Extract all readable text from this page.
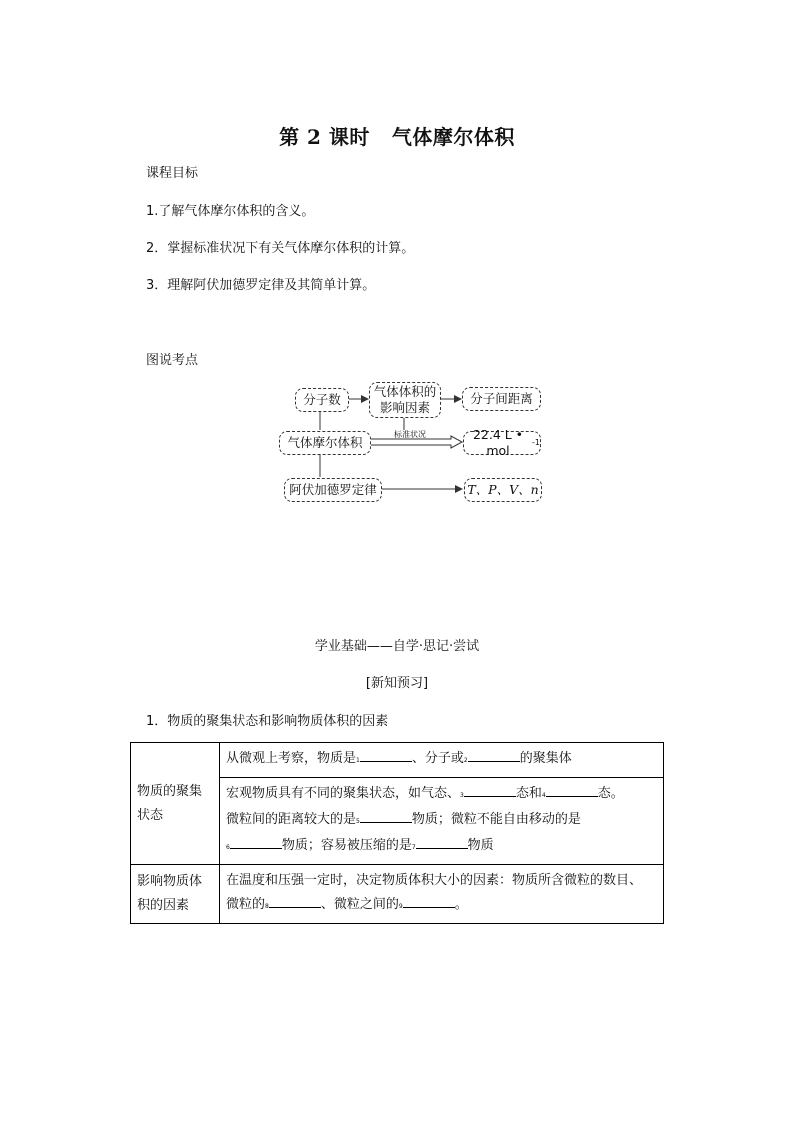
第 2 课时 气体摩尔体积
课程目标
1.了解气体摩尔体积的含义。
2．掌握标准状况下有关气体摩尔体积的计算。
3．理解阿伏加德罗定律及其简单计算。
图说考点
分子数
气体体积的
影响因素
分子间距离
气体摩尔体积
标准状况	22.4 L • mol
-1
阿伏加德罗定律	T、P、V、n
学业基础——自学·思记·尝试
[新知预习]
1．物质的聚集状态和影响物质体积的因素
物质的聚集状态	从微观上考察，物质是1 、分子或2 的聚集体
	宏观物质具有不同的聚集状态，如气态、3 态和4 态。
微粒间的距离较大的是5 物质；微粒不能自由移动的是
6 物质；容易被压缩的是7 物质
影响物质体积的因素	在温度和压强一定时，决定物质体积大小的因素：物质所含微粒的数目、
微粒的8 、微粒之间的9 。
